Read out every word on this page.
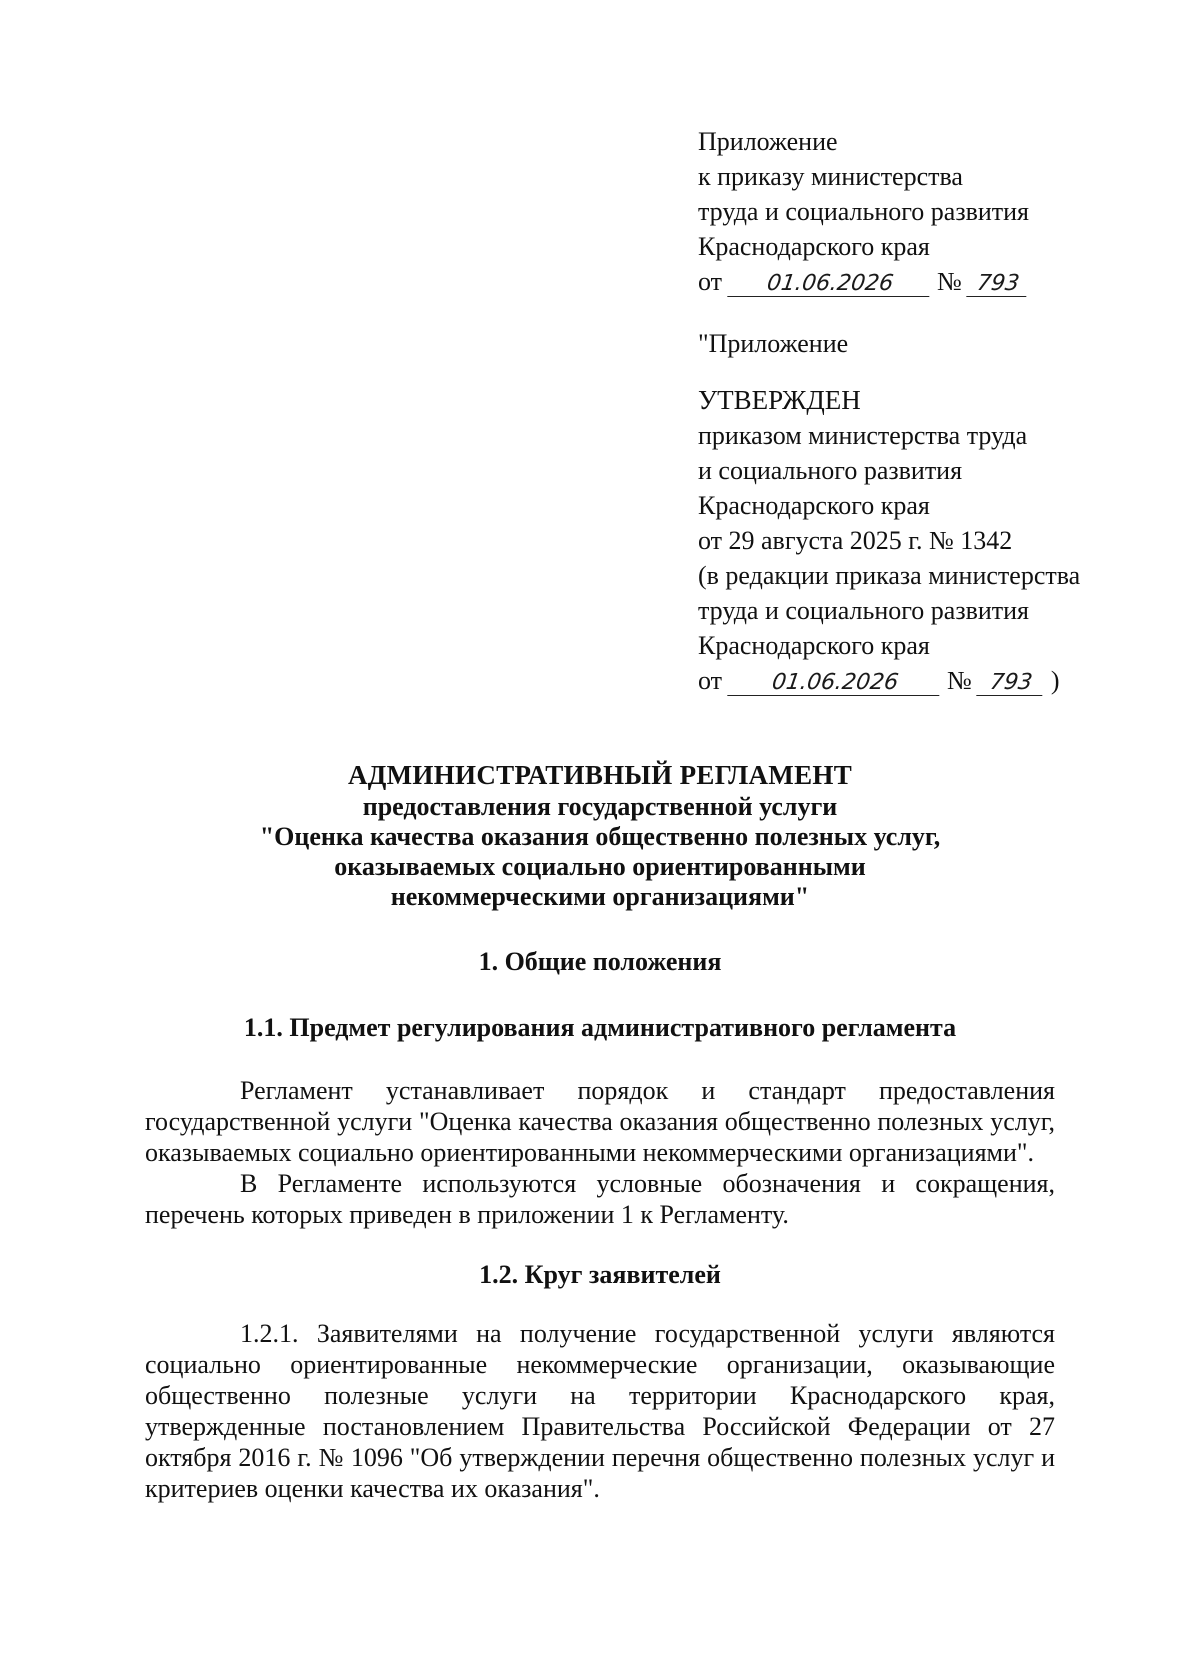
Приложение
к приказу министерства
труда и социального развития
Краснодарского края
от 01.06.2026 № 793
"Приложение
УТВЕРЖДЕН
приказом министерства труда
и социального развития
Краснодарского края
от 29 августа 2025 г. № 1342
(в редакции приказа министерства
труда и социального развития
Краснодарского края
от 01.06.2026 № 793 )
АДМИНИСТРАТИВНЫЙ РЕГЛАМЕНТ
предоставления государственной услуги
"Оценка качества оказания общественно полезных услуг,
оказываемых социально ориентированными
некоммерческими организациями"
1. Общие положения
1.1. Предмет регулирования административного регламента

Регламент устанавливает порядок и стандарт предоставления государственной услуги "Оценка качества оказания общественно полезных услуг, оказываемых социально ориентированными некоммерческими организациями".

В Регламенте используются условные обозначения и сокращения, перечень которых приведен в приложении 1 к Регламенту.

1.2. Круг заявителей

1.2.1. Заявителями на получение государственной услуги являются социально ориентированные некоммерческие организации, оказывающие общественно полезные услуги на территории Краснодарского края, утвержденные постановлением Правительства Российской Федерации от 27 октября 2016 г. № 1096 "Об утверждении перечня общественно полезных услуг и критериев оценки качества их оказания".
